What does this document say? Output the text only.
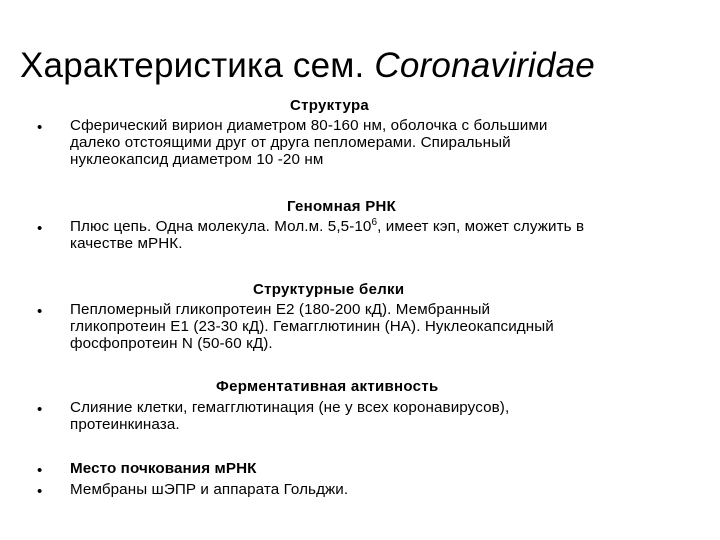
Характеристика сем. Coronaviridae
Структура
• Сферический вирион диаметром 80-160 нм, оболочка с большими
далеко отстоящими друг от друга пепломерами. Спиральный
нуклеокапсид диаметром 10 -20 нм
Геномная РНК
• Плюс цепь. Одна молекула. Мол.м. $5,5-10^6$, имеет кэп, может служить в
качестве мРНК.
Структурные белки
• Пепломерный гликопротеин Е2 (180-200 кД). Мембранный
гликопротеин Е1 (23-30 кД). Гемагглютинин (НА). Нуклеокапсидный
фосфопротеин N (50-60 кД).
Ферментативная активность
• Слияние клетки, гемагглютинация (не у всех коронавирусов),
протеинкиназа.
• Место почкования мРНК
• Мембраны шЭПР и аппарата Гольджи.
